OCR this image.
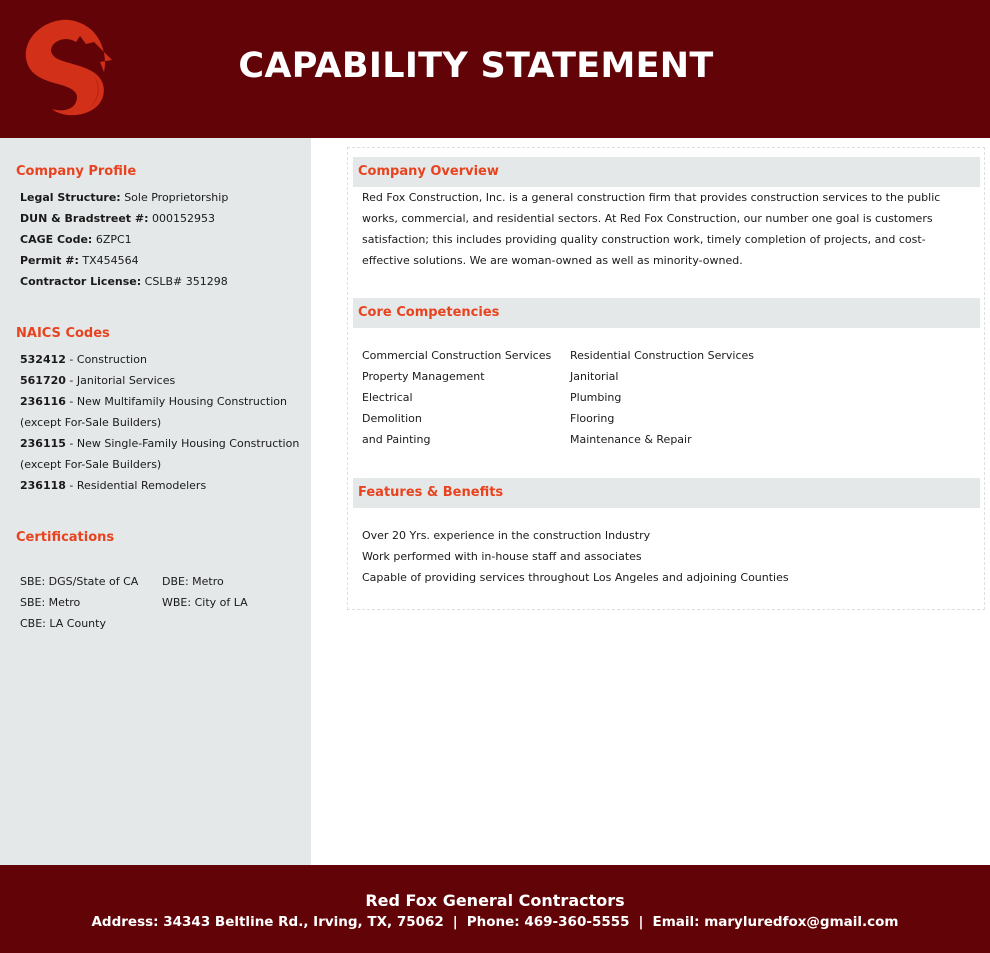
CAPABILITY STATEMENT
Company Profile
Legal Structure: Sole Proprietorship
DUN & Bradstreet #: 000152953
CAGE Code: 6ZPC1
Permit #: TX454564
Contractor License: CSLB# 351298
NAICS Codes
532412 - Construction
561720 - Janitorial Services
236116 - New Multifamily Housing Construction
(except For-Sale Builders)
236115 - New Single-Family Housing Construction
(except For-Sale Builders)
236118 - Residential Remodelers
Certifications
SBE: DGS/State of CA
SBE: Metro
CBE: LA County
DBE: Metro
WBE: City of LA
Company Overview
Red Fox Construction, Inc. is a general construction firm that provides construction services to the public works, commercial, and residential sectors. At Red Fox Construction, our number one goal is customers satisfaction; this includes providing quality construction work, timely completion of projects, and cost-effective solutions. We are woman-owned as well as minority-owned.
Core Competencies
Commercial Construction Services
Property Management
Electrical
Demolition
and Painting
Residential Construction Services
Janitorial
Plumbing
Flooring
Maintenance & Repair
Features & Benefits
Over 20 Yrs. experience in the construction Industry
Work performed with in-house staff and associates
Capable of providing services throughout Los Angeles and adjoining Counties
Red Fox General Contractors
Address: 34343 Beltline Rd., Irving, TX, 75062 | Phone: 469-360-5555 | Email: maryluredfox@gmail.com
